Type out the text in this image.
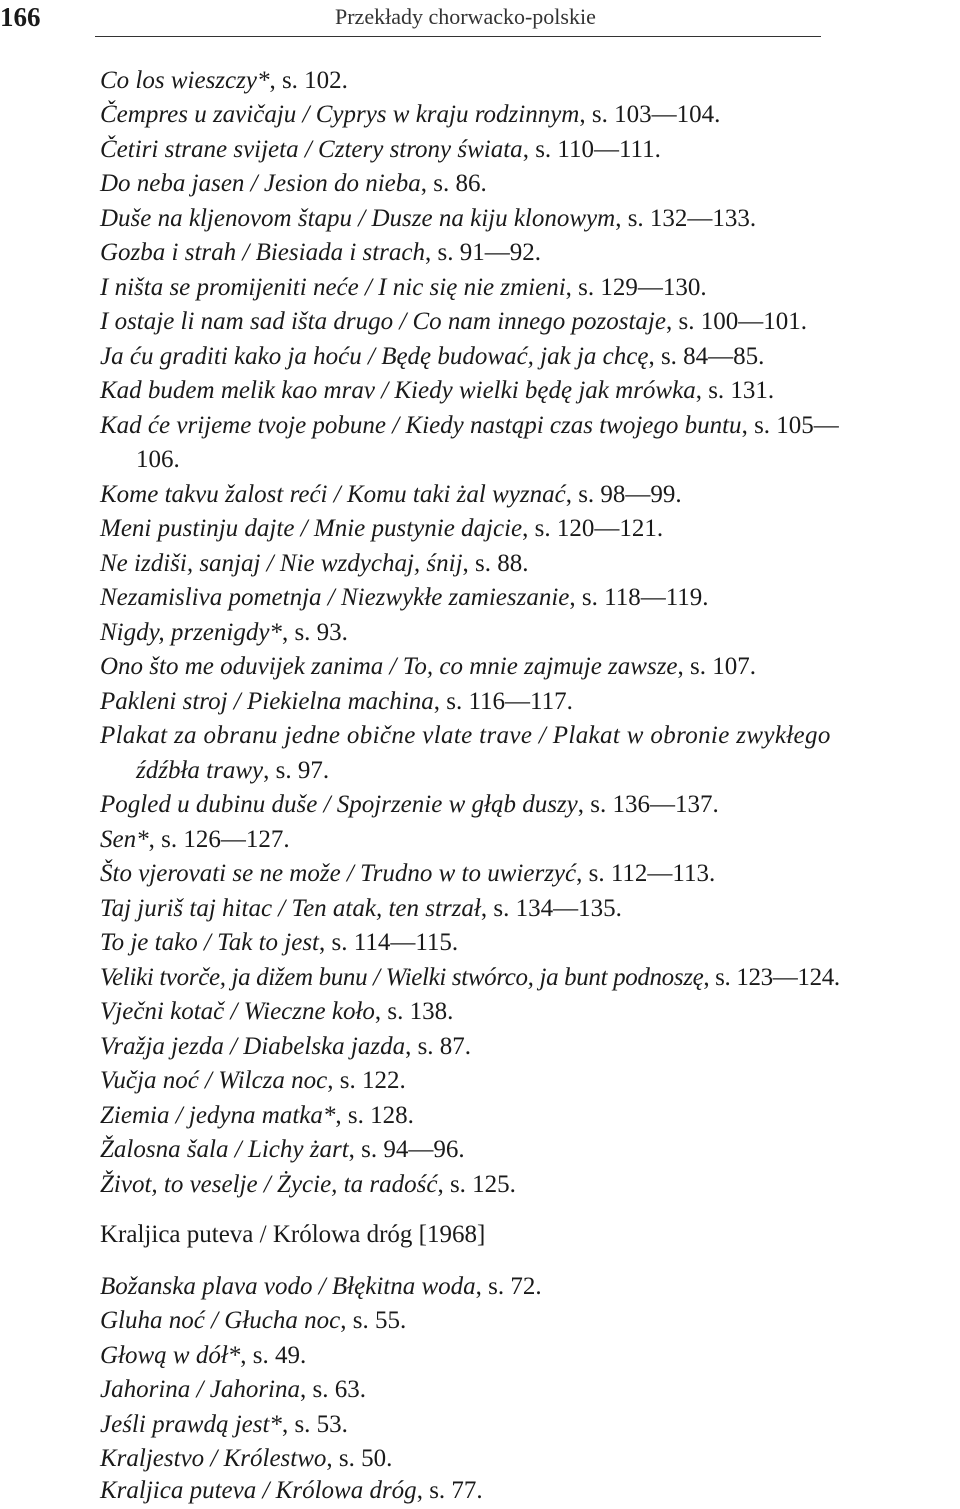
166	Przekłady chorwacko-polskie
Co los wieszczy*, s. 102.
Čempres u zavičaju / Cyprys w kraju rodzinnym, s. 103—104.
Četiri strane svijeta / Cztery strony świata, s. 110—111.
Do neba jasen / Jesion do nieba, s. 86.
Duše na kljenovom štapu / Dusze na kiju klonowym, s. 132—133.
Gozba i strah / Biesiada i strach, s. 91—92.
I ništa se promijeniti neće / I nic się nie zmieni, s. 129—130.
I ostaje li nam sad išta drugo / Co nam innego pozostaje, s. 100—101.
Ja ću graditi kako ja hoću / Będę budować, jak ja chcę, s. 84—85.
Kad budem melik kao mrav / Kiedy wielki będę jak mrówka, s. 131.
Kad će vrijeme tvoje pobune / Kiedy nastąpi czas twojego buntu, s. 105—
106.
Kome takvu žalost reći / Komu taki żal wyznać, s. 98—99.
Meni pustinju dajte / Mnie pustynie dajcie, s. 120—121.
Ne izdiši, sanjaj / Nie wzdychaj, śnij, s. 88.
Nezamisliva pometnja / Niezwykłe zamieszanie, s. 118—119.
Nigdy, przenigdy*, s. 93.
Ono što me oduvijek zanima / To, co mnie zajmuje zawsze, s. 107.
Pakleni stroj / Piekielna machina, s. 116—117.
Plakat za obranu jedne obične vlate trave / Plakat w obronie zwykłego
źdźbła trawy, s. 97.
Pogled u dubinu duše / Spojrzenie w głąb duszy, s. 136—137.
Sen*, s. 126—127.
Što vjerovati se ne može / Trudno w to uwierzyć, s. 112—113.
Taj juriš taj hitac / Ten atak, ten strzał, s. 134—135.
To je tako / Tak to jest, s. 114—115.
Veliki tvorče, ja dižem bunu / Wielki stwórco, ja bunt podnoszę, s. 123—124.
Vječni kotač / Wieczne koło, s. 138.
Vražja jezda / Diabelska jazda, s. 87.
Vučja noć / Wilcza noc, s. 122.
Ziemia / jedyna matka*, s. 128.
Žalosna šala / Lichy żart, s. 94—96.
Život, to veselje / Życie, ta radość, s. 125.
Kraljica puteva / Królowa dróg [1968]
Božanska plava vodo / Błękitna woda, s. 72.
Gluha noć / Głucha noc, s. 55.
Głową w dół*, s. 49.
Jahorina / Jahorina, s. 63.
Jeśli prawdą jest*, s. 53.
Kraljestvo / Królestwo, s. 50.
Kraljica puteva / Królowa dróg, s. 77.
